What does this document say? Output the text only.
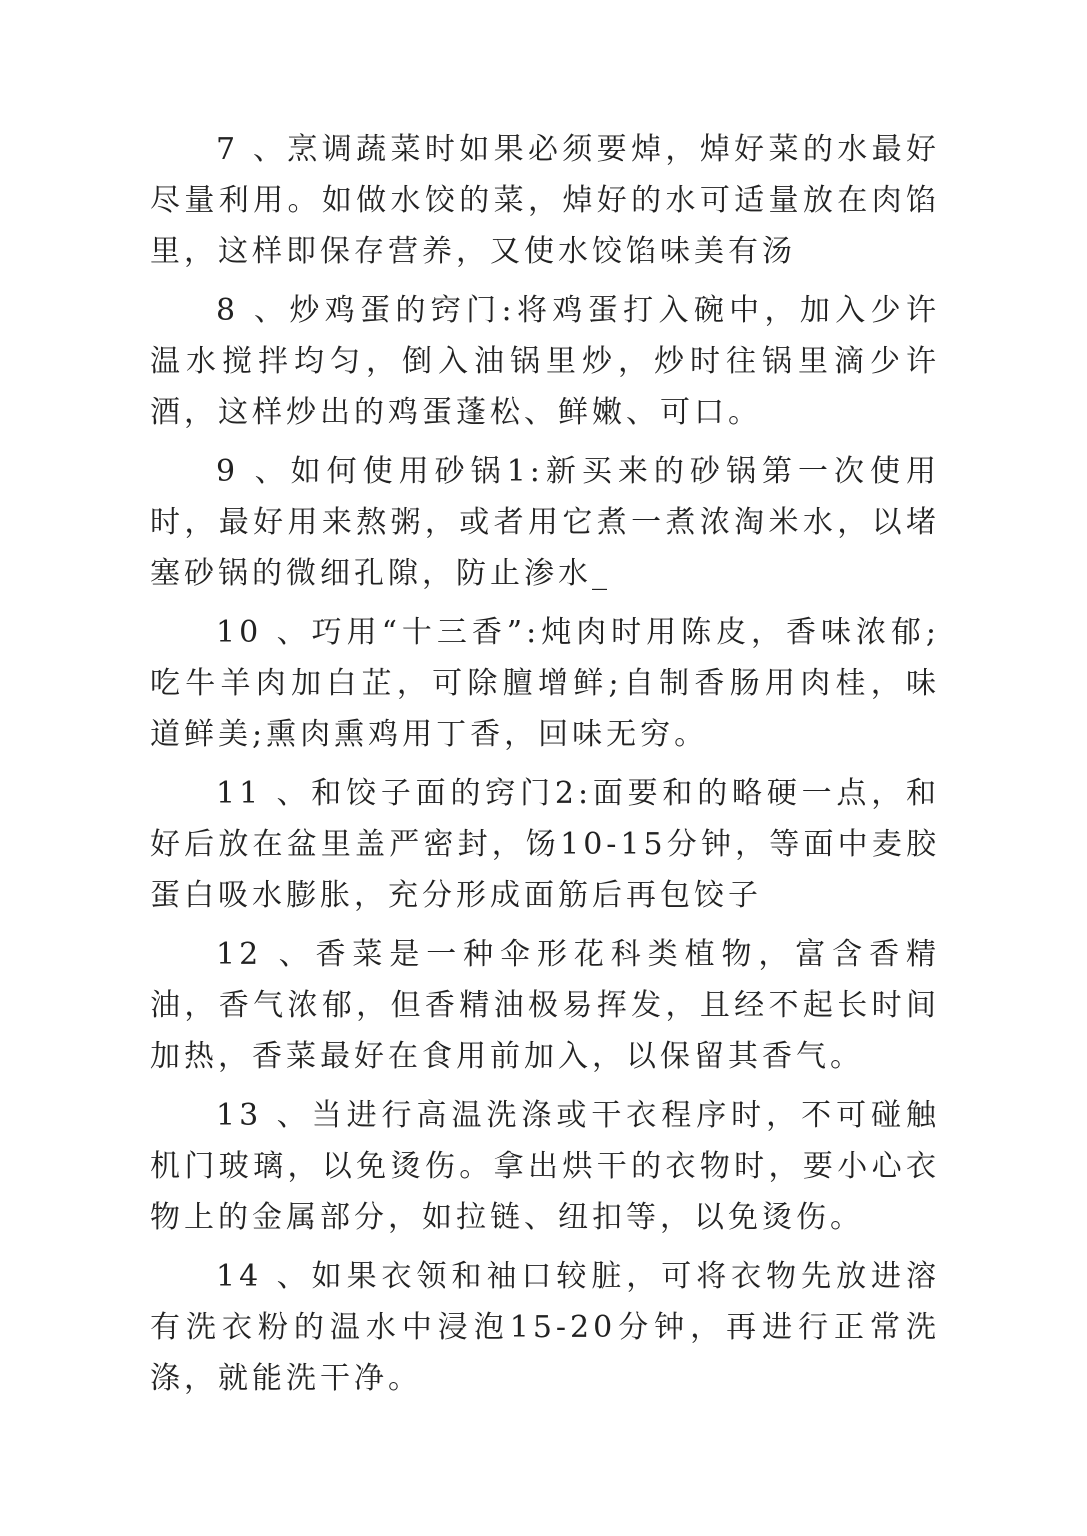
7 、烹调蔬菜时如果必须要焯，焯好菜的水最好尽量利用。如做水饺的菜，焯好的水可适量放在肉馅里，这样即保存营养，又使水饺馅味美有汤

8 、炒鸡蛋的窍门:将鸡蛋打入碗中，加入少许温水搅拌均匀，倒入油锅里炒，炒时往锅里滴少许酒，这样炒出的鸡蛋蓬松、鲜嫩、可口。

9 、如何使用砂锅1:新买来的砂锅第一次使用时，最好用来熬粥，或者用它煮一煮浓淘米水，以堵塞砂锅的微细孔隙，防止渗水_

10 、巧用“十三香”:炖肉时用陈皮，香味浓郁;吃牛羊肉加白芷，可除膻增鲜;自制香肠用肉桂，味道鲜美;熏肉熏鸡用丁香，回味无穷。

11 、和饺子面的窍门2:面要和的略硬一点，和好后放在盆里盖严密封，饧10-15分钟，等面中麦胶蛋白吸水膨胀，充分形成面筋后再包饺子

12 、香菜是一种伞形花科类植物，富含香精油，香气浓郁，但香精油极易挥发，且经不起长时间加热，香菜最好在食用前加入，以保留其香气。

13 、当进行高温洗涤或干衣程序时，不可碰触机门玻璃，以免烫伤。拿出烘干的衣物时，要小心衣物上的金属部分，如拉链、纽扣等，以免烫伤。

14 、如果衣领和袖口较脏，可将衣物先放进溶有洗衣粉的温水中浸泡15-20分钟，再进行正常洗涤，就能洗干净。
